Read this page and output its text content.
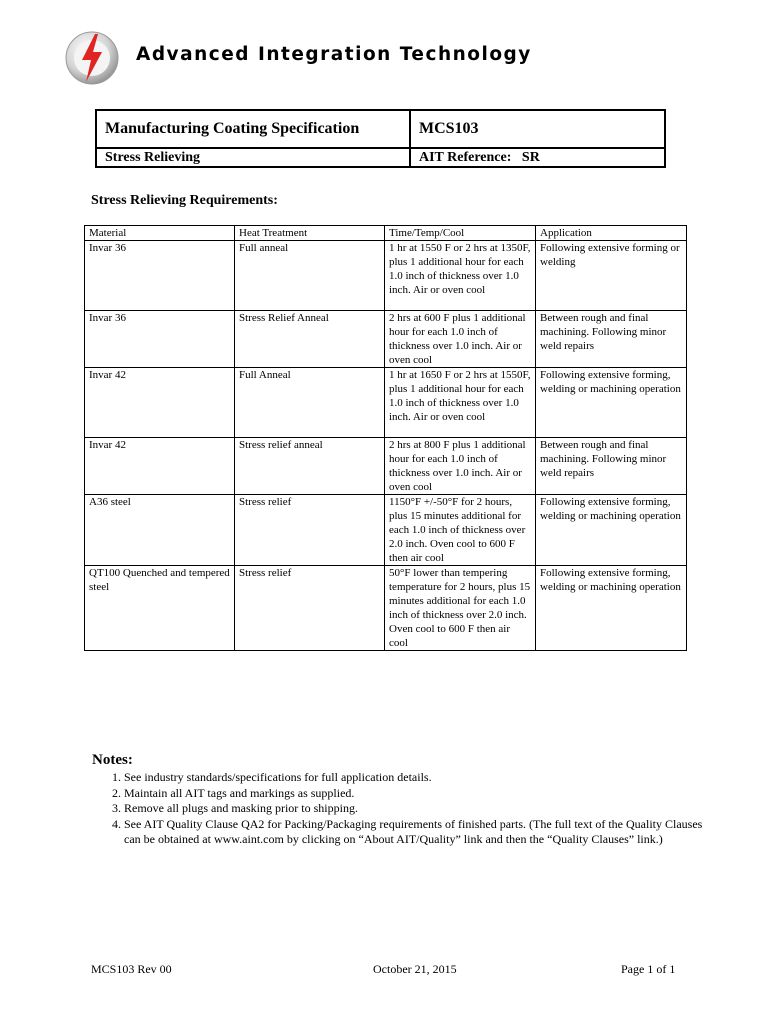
Advanced Integration Technology
Manufacturing Coating Specification	MCS103
Stress Relieving	AIT Reference: SR
Stress Relieving Requirements:
Material	Heat Treatment	Time/Temp/Cool	Application
Invar 36	Full anneal	1 hr at 1550 F or 2 hrs at 1350F, plus 1 additional hour for each 1.0 inch of thickness over 1.0 inch. Air or oven cool	Following extensive forming or welding
Invar 36	Stress Relief Anneal	2 hrs at 600 F plus 1 additional hour for each 1.0 inch of thickness over 1.0 inch. Air or oven cool	Between rough and final machining. Following minor weld repairs
Invar 42	Full Anneal	1 hr at 1650 F or 2 hrs at 1550F, plus 1 additional hour for each 1.0 inch of thickness over 1.0 inch. Air or oven cool	Following extensive forming, welding or machining operation
Invar 42	Stress relief anneal	2 hrs at 800 F plus 1 additional hour for each 1.0 inch of thickness over 1.0 inch. Air or oven cool	Between rough and final machining. Following minor weld repairs
A36 steel	Stress relief	1150°F +/-50°F for 2 hours, plus 15 minutes additional for each 1.0 inch of thickness over 2.0 inch. Oven cool to 600 F then air cool	Following extensive forming, welding or machining operation
QT100 Quenched and tempered steel	Stress relief	50°F lower than tempering temperature for 2 hours, plus 15 minutes additional for each 1.0 inch of thickness over 2.0 inch. Oven cool to 600 F then air cool	Following extensive forming, welding or machining operation
Notes:
1. See industry standards/specifications for full application details.
2. Maintain all AIT tags and markings as supplied.
3. Remove all plugs and masking prior to shipping.
4. See AIT Quality Clause QA2 for Packing/Packaging requirements of finished parts. (The full text of the Quality Clauses can be obtained at www.aint.com by clicking on “About AIT/Quality” link and then the “Quality Clauses” link.)
MCS103 Rev 00	October 21, 2015	Page 1 of 1
